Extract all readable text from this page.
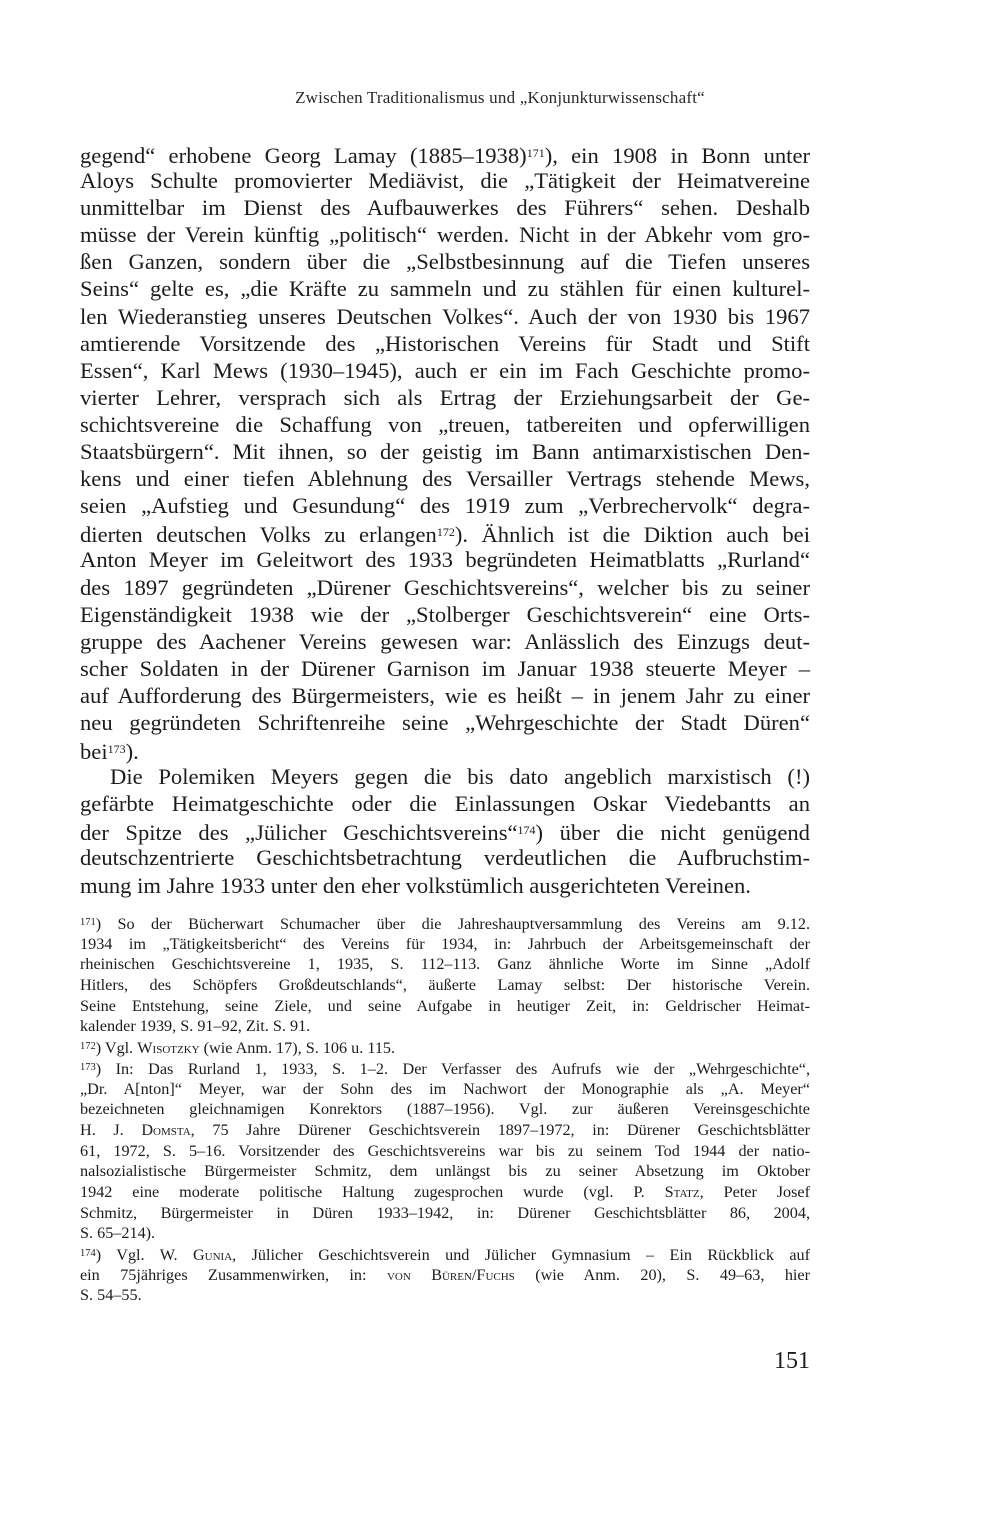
Zwischen Traditionalismus und „Konjunkturwissenschaft“
gegend“ erhobene Georg Lamay (1885–1938)$^{171}$), ein 1908 in Bonn unter
Aloys Schulte promovierter Mediävist, die „Tätigkeit der Heimatvereine
unmittelbar im Dienst des Aufbauwerkes des Führers“ sehen. Deshalb
müsse der Verein künftig „politisch“ werden. Nicht in der Abkehr vom gro-
ßen Ganzen, sondern über die „Selbstbesinnung auf die Tiefen unseres
Seins“ gelte es, „die Kräfte zu sammeln und zu stählen für einen kulturel-
len Wiederanstieg unseres Deutschen Volkes“. Auch der von 1930 bis 1967
amtierende Vorsitzende des „Historischen Vereins für Stadt und Stift
Essen“, Karl Mews (1930–1945), auch er ein im Fach Geschichte promo-
vierter Lehrer, versprach sich als Ertrag der Erziehungsarbeit der Ge-
schichtsvereine die Schaffung von „treuen, tatbereiten und opferwilligen
Staatsbürgern“. Mit ihnen, so der geistig im Bann antimarxistischen Den-
kens und einer tiefen Ablehnung des Versailler Vertrags stehende Mews,
seien „Aufstieg und Gesundung“ des 1919 zum „Verbrechervolk“ degra-
dierten deutschen Volks zu erlangen$^{172}$). Ähnlich ist die Diktion auch bei
Anton Meyer im Geleitwort des 1933 begründeten Heimatblatts „Rurland“
des 1897 gegründeten „Dürener Geschichtsvereins“, welcher bis zu seiner
Eigenständigkeit 1938 wie der „Stolberger Geschichtsverein“ eine Orts-
gruppe des Aachener Vereins gewesen war: Anlässlich des Einzugs deut-
scher Soldaten in der Dürener Garnison im Januar 1938 steuerte Meyer –
auf Aufforderung des Bürgermeisters, wie es heißt – in jenem Jahr zu einer
neu gegründeten Schriftenreihe seine „Wehrgeschichte der Stadt Düren“
bei$^{173}$).
Die Polemiken Meyers gegen die bis dato angeblich marxistisch (!)
gefärbte Heimatgeschichte oder die Einlassungen Oskar Viedebantts an
der Spitze des „Jülicher Geschichtsvereins“$^{174}$) über die nicht genügend
deutschzentrierte Geschichtsbetrachtung verdeutlichen die Aufbruchstim-
mung im Jahre 1933 unter den eher volkstümlich ausgerichteten Vereinen.
$^{171}$) So der Bücherwart Schumacher über die Jahreshauptversammlung des Vereins am 9.12.
1934 im „Tätigkeitsbericht“ des Vereins für 1934, in: Jahrbuch der Arbeitsgemeinschaft der
rheinischen Geschichtsvereine 1, 1935, S. 112–113. Ganz ähnliche Worte im Sinne „Adolf
Hitlers, des Schöpfers Großdeutschlands“, äußerte Lamay selbst: Der historische Verein.
Seine Entstehung, seine Ziele, und seine Aufgabe in heutiger Zeit, in: Geldrischer Heimat-
kalender 1939, S. 91–92, Zit. S. 91.
$^{172}$) Vgl. Wisotzky (wie Anm. 17), S. 106 u. 115.
$^{173}$) In: Das Rurland 1, 1933, S. 1–2. Der Verfasser des Aufrufs wie der „Wehrgeschichte“,
„Dr. A[nton]“ Meyer, war der Sohn des im Nachwort der Monographie als „A. Meyer“
bezeichneten gleichnamigen Konrektors (1887–1956). Vgl. zur äußeren Vereinsgeschichte
H. J. Domsta, 75 Jahre Dürener Geschichtsverein 1897–1972, in: Dürener Geschichtsblätter
61, 1972, S. 5–16. Vorsitzender des Geschichtsvereins war bis zu seinem Tod 1944 der natio-
nalsozialistische Bürgermeister Schmitz, dem unlängst bis zu seiner Absetzung im Oktober
1942 eine moderate politische Haltung zugesprochen wurde (vgl. P. Statz, Peter Josef
Schmitz, Bürgermeister in Düren 1933–1942, in: Dürener Geschichtsblätter 86, 2004,
S. 65–214).
$^{174}$) Vgl. W. Gunia, Jülicher Geschichtsverein und Jülicher Gymnasium – Ein Rückblick auf
ein 75jähriges Zusammenwirken, in: von Büren/Fuchs (wie Anm. 20), S. 49–63, hier
S. 54–55.
151
